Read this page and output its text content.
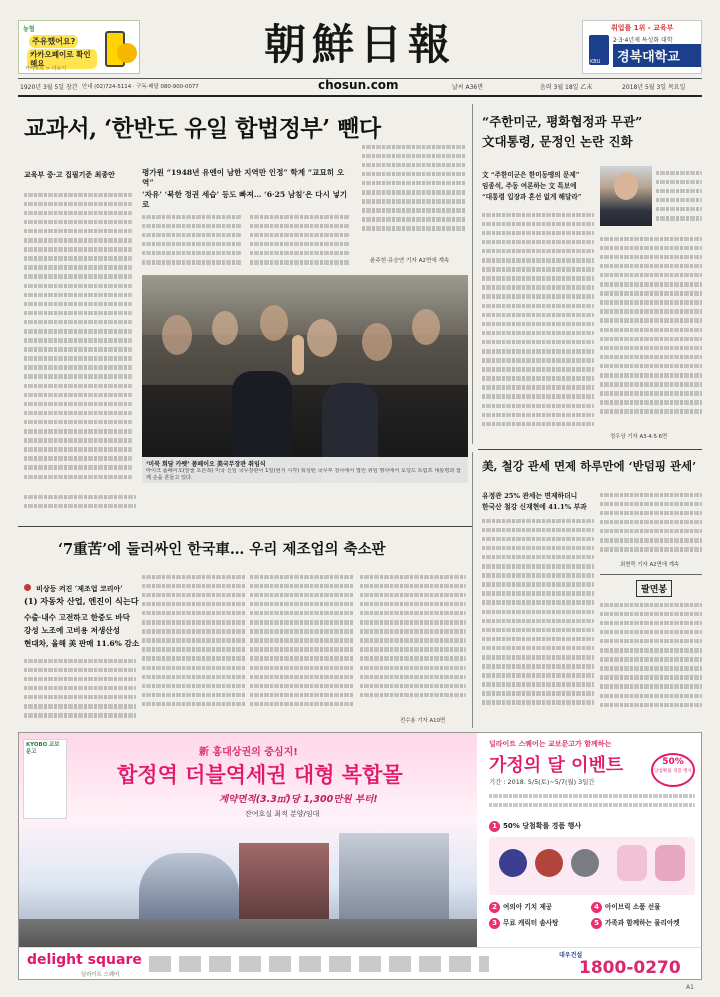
농협
주유했어요?
카카오페이로 확인해요
카카오톡 > 더보기	朝鮮日報	취업률 1위 - 교육부
KBU
2·3·4년제 특성화 대학
경북대학교
1920년 3월 5일 창간 안내 (02)724-5114 · 구독·배달 080-900-0077	chosun.com	날씨 A36면	음력 3월 18일 乙未	2018년 5월 3일 목요일
교과서, ‘한반도 유일 합법정부’ 뺀다
교육부 중·고 집필기준 최종안	평가원 “1948년 유엔이 남한 지역만 인정” 학계 “교묘히 오역”
‘자유’ ‘북한 정권 세습’ 등도 빠져… ‘6·25 남침’은 다시 넣기로
윤주헌·유승연 기자 A2면에 계속
‘미북 회담 카펫’ 폼페이오 美국무장관 취임식
마이크 폼페이오(앞줄 오른쪽) 미국 신임 국무장관이 1일(현지 시각) 워싱턴 국무부 청사에서 열린 취임 행사에서 도널드 트럼프 대통령과 함께 손을 흔들고 있다.
“주한미군, 평화협정과 무관”
文대통령, 문정인 논란 진화
文 “주한미군은 한미동맹의 문제”
임종석, 주동 여론하는 文 특보에
“대통령 입장과 혼선 없게 해달라”
정우상 기자 A3·4·5·6면
美, 철강 관세 면제 하루만에 ‘반덤핑 관세’
유정관 25% 관세는 면제하더니
한국산 철강 신재현에 41.1% 부과
최현묵 기자 A2면에 계속
팔면봉
‘7重苦’에 둘러싸인 한국車… 우리 제조업의 축소판
비상등 켜진 ‘제조업 코리아’
(1) 자동차 산업, 엔진이 식는다
수출·내수 고전하고 한중도 바닥
강성 노조에 고비용 저생산성
현대차, 올해 美 판매 11.6% 감소
전수용 기자 A10면
KYOBO 교보문고	新 홍대상권의 중심지!
합정역 더블역세권 대형 복합몰
계약면적(3.3㎡)당 1,300만원 부터!
잔여호실 최적 분양/임대
딜라이트 스퀘어는 교보문고가 함께하는
가정의 달 이벤트	50%
당첨확률 경품 행사
기간 : 2018. 5/5(토)~5/7(월) 3일간
1 50% 당첨확률 경품 행사
2 여의아 기치 제공	4 아이브릭 소품 선물
3 무료 캐릭터 솜사탕	5 가족과 함께하는 물리아켓
delight square
딜라이트 스퀘어
대우건설
1800-0270
A1
